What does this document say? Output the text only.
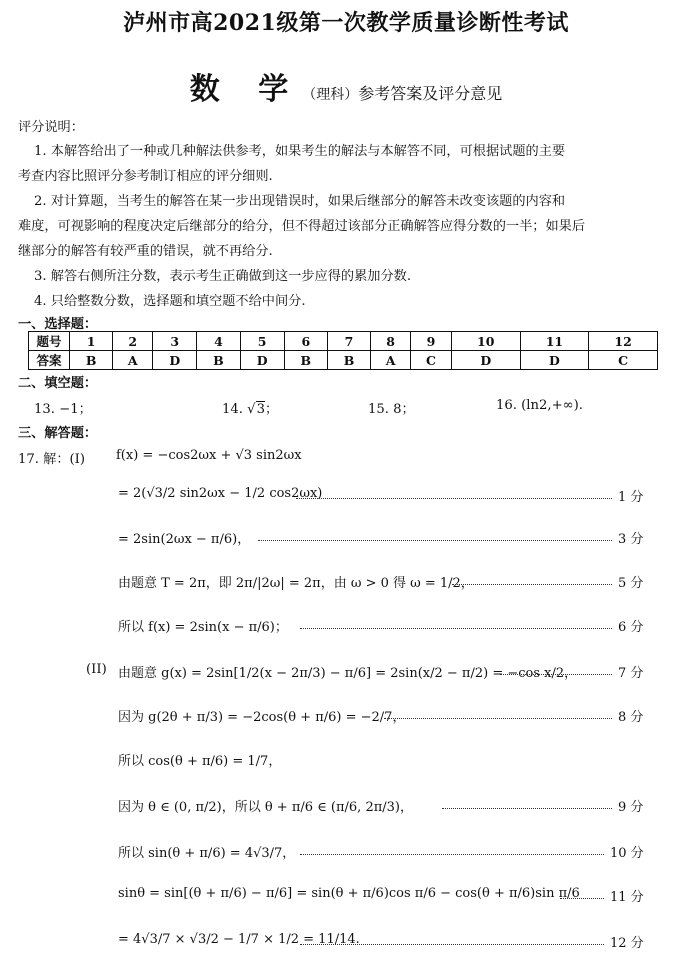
泸州市高2021级第一次教学质量诊断性考试
数 学（理科）参考答案及评分意见
评分说明：
1. 本解答给出了一种或几种解法供参考，如果考生的解法与本解答不同，可根据试题的主要
考查内容比照评分参考制订相应的评分细则.
2. 对计算题，当考生的解答在某一步出现错误时，如果后继部分的解答未改变该题的内容和
难度，可视影响的程度决定后继部分的给分，但不得超过该部分正确解答应得分数的一半；如果后
继部分的解答有较严重的错误，就不再给分.
3. 解答右侧所注分数，表示考生正确做到这一步应得的累加分数.
4. 只给整数分数，选择题和填空题不给中间分.
一、选择题：
题号	1	2	3	4	5	6	7	8	9	10	11	12
答案	B	A	D	B	D	B	B	A	C	D	D	C
二、填空题：
13. −1；	14. √3；	15. 8；	16. (ln2,+∞).
三、解答题：
17. 解：(I) f(x) = −cos2ωx + √3 sin2ωx
= 2(√3/2 sin2ωx − 1/2 cos2ωx)	1 分
= 2sin(2ωx − π/6)，	3 分
由题意 T = 2π，即 2π/|2ω| = 2π，由 ω > 0 得 ω = 1/2，	5 分
所以 f(x) = 2sin(x − π/6)；	6 分
(II) 由题意 g(x) = 2sin[1/2(x − 2π/3) − π/6] = 2sin(x/2 − π/2) = −cos x/2，	7 分
因为 g(2θ + π/3) = −2cos(θ + π/6) = −2/7，	8 分
所以 cos(θ + π/6) = 1/7，
因为 θ ∈ (0, π/2)，所以 θ + π/6 ∈ (π/6, 2π/3)，	9 分
所以 sin(θ + π/6) = 4√3/7，	10 分
sinθ = sin[(θ + π/6) − π/6] = sin(θ + π/6)cos π/6 − cos(θ + π/6)sin π/6 11 分
= 4√3/7 × √3/2 − 1/7 × 1/2 = 11/14.	12 分
